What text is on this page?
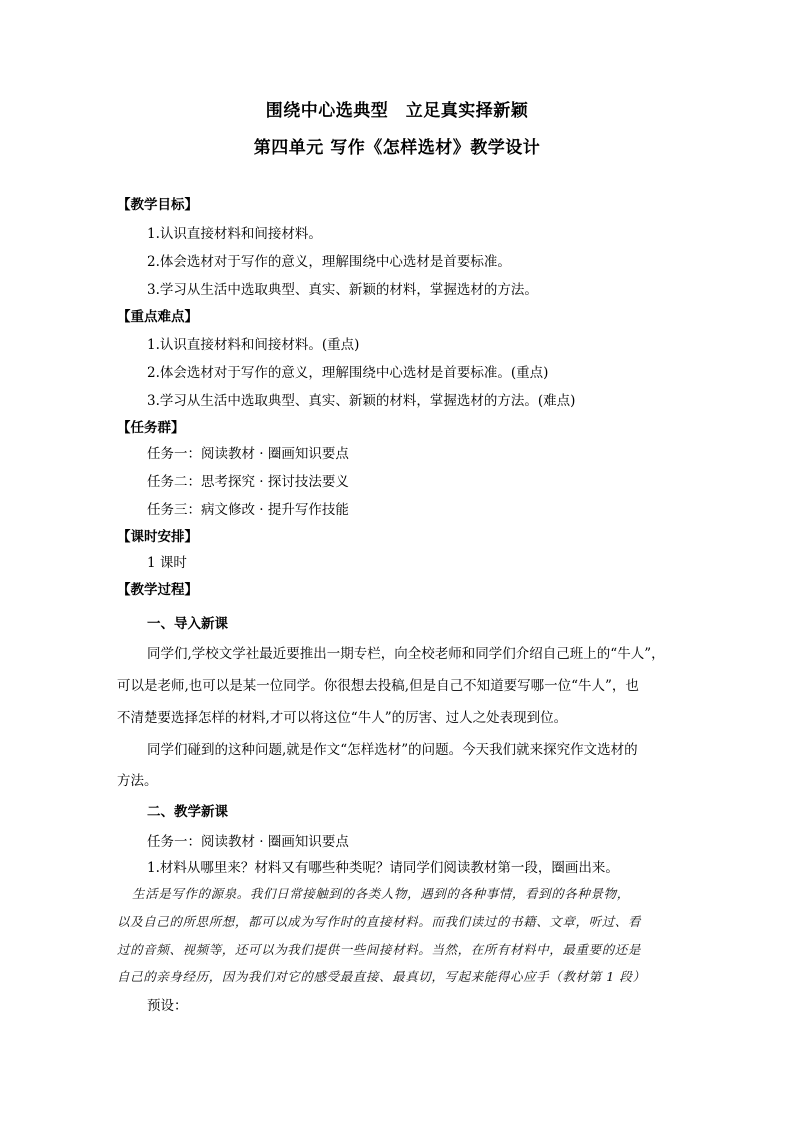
围绕中心选典型　立足真实择新颖
第四单元 写作《怎样选材》教学设计
【教学目标】
1.认识直接材料和间接材料。
2.体会选材对于写作的意义，理解围绕中心选材是首要标准。
3.学习从生活中选取典型、真实、新颖的材料，掌握选材的方法。
【重点难点】
1.认识直接材料和间接材料。(重点)
2.体会选材对于写作的意义，理解围绕中心选材是首要标准。(重点)
3.学习从生活中选取典型、真实、新颖的材料，掌握选材的方法。(难点)
【任务群】
任务一：阅读教材 · 圈画知识要点
任务二：思考探究 · 探讨技法要义
任务三：病文修改 · 提升写作技能
【课时安排】
1 课时
【教学过程】
一、导入新课
同学们,学校文学社最近要推出一期专栏，向全校老师和同学们介绍自己班上的“牛人”，
可以是老师,也可以是某一位同学。你很想去投稿,但是自己不知道要写哪一位“牛人”，也
不清楚要选择怎样的材料,才可以将这位“牛人”的厉害、过人之处表现到位。
同学们碰到的这种问题,就是作文“怎样选材”的问题。今天我们就来探究作文选材的
方法。
二、教学新课
任务一：阅读教材 · 圈画知识要点
1.材料从哪里来？材料又有哪些种类呢？请同学们阅读教材第一段，圈画出来。
生活是写作的源泉。我们日常接触到的各类人物，遇到的各种事情，看到的各种景物，
以及自己的所思所想，都可以成为写作时的直接材料。而我们读过的书籍、文章，听过、看
过的音频、视频等，还可以为我们提供一些间接材料。当然，在所有材料中，最重要的还是
自己的亲身经历，因为我们对它的感受最直接、最真切，写起来能得心应手（教材第 1 段）
预设：
